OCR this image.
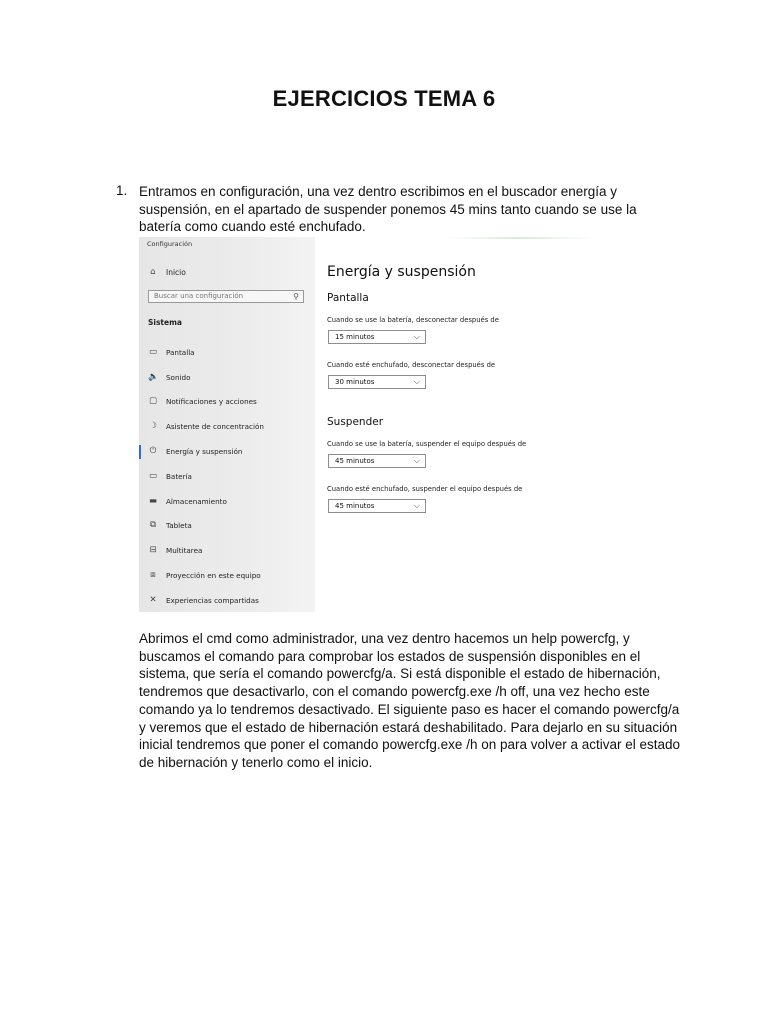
EJERCICIOS TEMA 6
1. Entramos en configuración, una vez dentro escribimos en el buscador energía y suspensión, en el apartado de suspender ponemos 45 mins tanto cuando se use la batería como cuando esté enchufado.
Configuración
⌂	Inicio
Buscar una configuración	⚲
Sistema
▭ Pantalla
🔈 Sonido
▢ Notificaciones y acciones
☽ Asistente de concentración
⏻ Energía y suspensión
▭ Batería
▬ Almacenamiento
⧉ Tableta
⊟ Multitarea
⧈	Proyección en este equipo
✕ Experiencias compartidas
Energía y suspensión
Pantalla
Cuando se use la batería, desconectar después de
15 minutos	⌵
Cuando esté enchufado, desconectar después de
30 minutos	⌵
Suspender
Cuando se use la batería, suspender el equipo después de
45 minutos	⌵
Cuando esté enchufado, suspender el equipo después de
45 minutos	⌵
Abrimos el cmd como administrador, una vez dentro hacemos un help powercfg, y buscamos el comando para comprobar los estados de suspensión disponibles en el sistema, que sería el comando powercfg/a. Si está disponible el estado de hibernación, tendremos que desactivarlo, con el comando powercfg.exe /h off, una vez hecho este comando ya lo tendremos desactivado. El siguiente paso es hacer el comando powercfg/a y veremos que el estado de hibernación estará deshabilitado. Para dejarlo en su situación inicial tendremos que poner el comando powercfg.exe /h on para volver a activar el estado de hibernación y tenerlo como el inicio.
